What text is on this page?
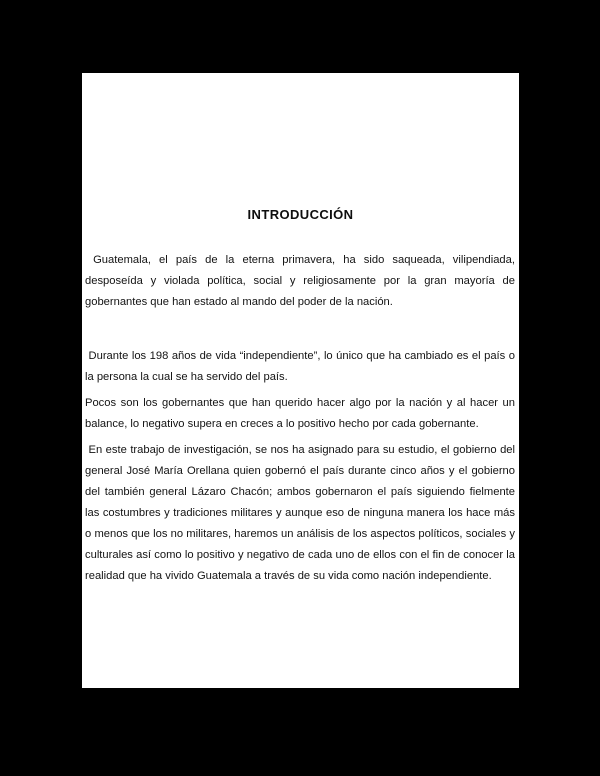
INTRODUCCIÓN

Guatemala, el país de la eterna primavera, ha sido saqueada, vilipendiada, desposeída y violada política, social y religiosamente por la gran mayoría de gobernantes que han estado al mando del poder de la nación.

Durante los 198 años de vida “independiente”, lo único que ha cambiado es el país o la persona la cual se ha servido del país.

Pocos son los gobernantes que han querido hacer algo por la nación y al hacer un balance, lo negativo supera en creces a lo positivo hecho por cada gobernante.

En este trabajo de investigación, se nos ha asignado para su estudio, el gobierno del general José María Orellana quien gobernó el país durante cinco años y el gobierno del también general Lázaro Chacón; ambos gobernaron el país siguiendo fielmente las costumbres y tradiciones militares y aunque eso de ninguna manera los hace más o menos que los no militares, haremos un análisis de los aspectos políticos, sociales y culturales así como lo positivo y negativo de cada uno de ellos con el fin de conocer la realidad que ha vivido Guatemala a través de su vida como nación independiente.
